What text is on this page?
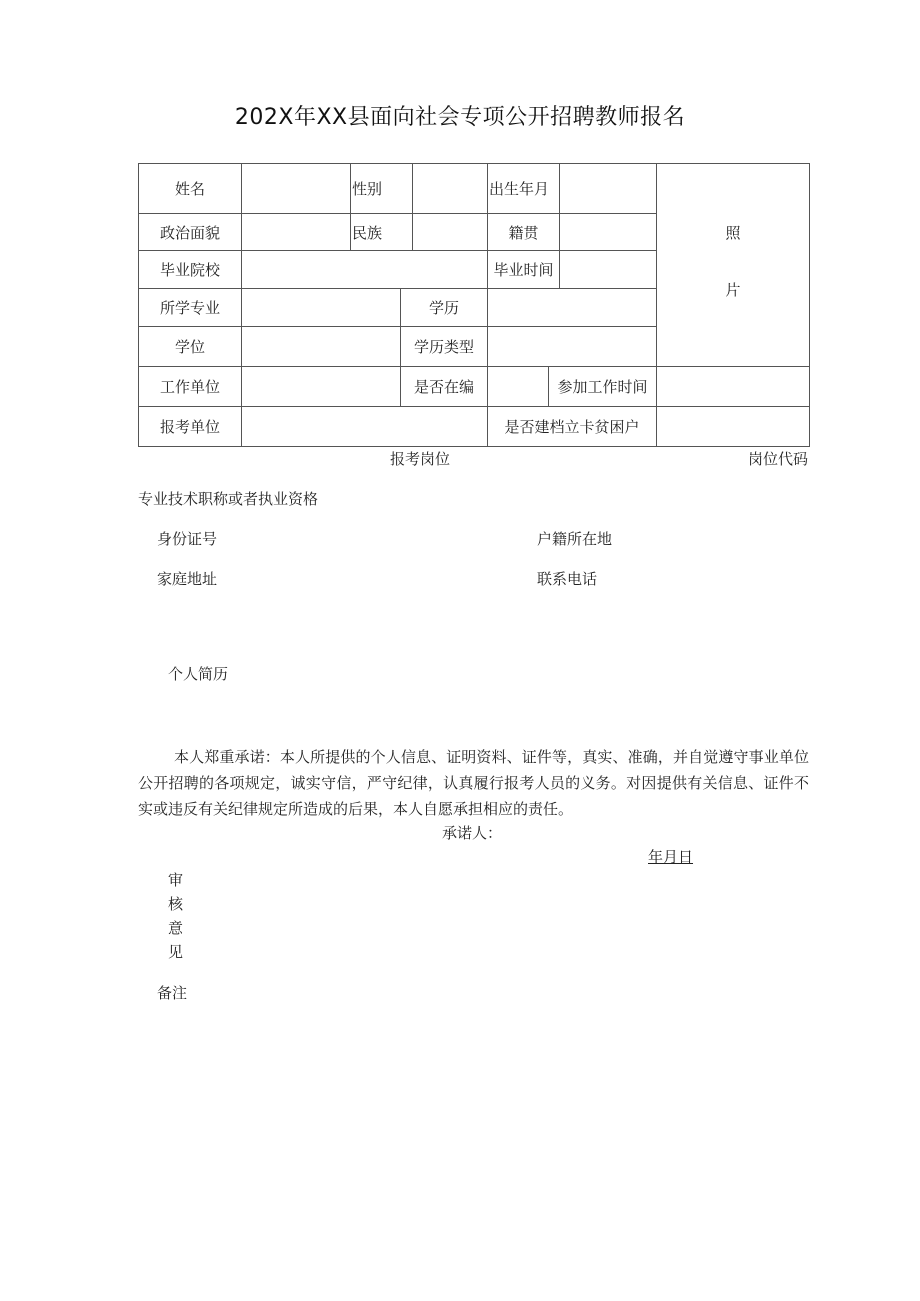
202X年XX县面向社会专项公开招聘教师报名
姓名		性别			出生年月			照
片

政治面貌		民族			籍贯			
毕业院校					毕业时间			
所学专业			学历					
学位			学历类型					
工作单位			是否在编			参加工作时间		
报考单位					是否建档立卡贫困户			
报考岗位	岗位代码
专业技术职称或者执业资格
身份证号	户籍所在地
家庭地址	联系电话
个人简历
本人郑重承诺：本人所提供的个人信息、证明资料、证件等，真实、准确，并自觉遵守事业单位公开招聘的各项规定，诚实守信，严守纪律，认真履行报考人员的义务。对因提供有关信息、证件不实或违反有关纪律规定所造成的后果，本人自愿承担相应的责任。
承诺人：
年月日
审
核
意
见
备注
